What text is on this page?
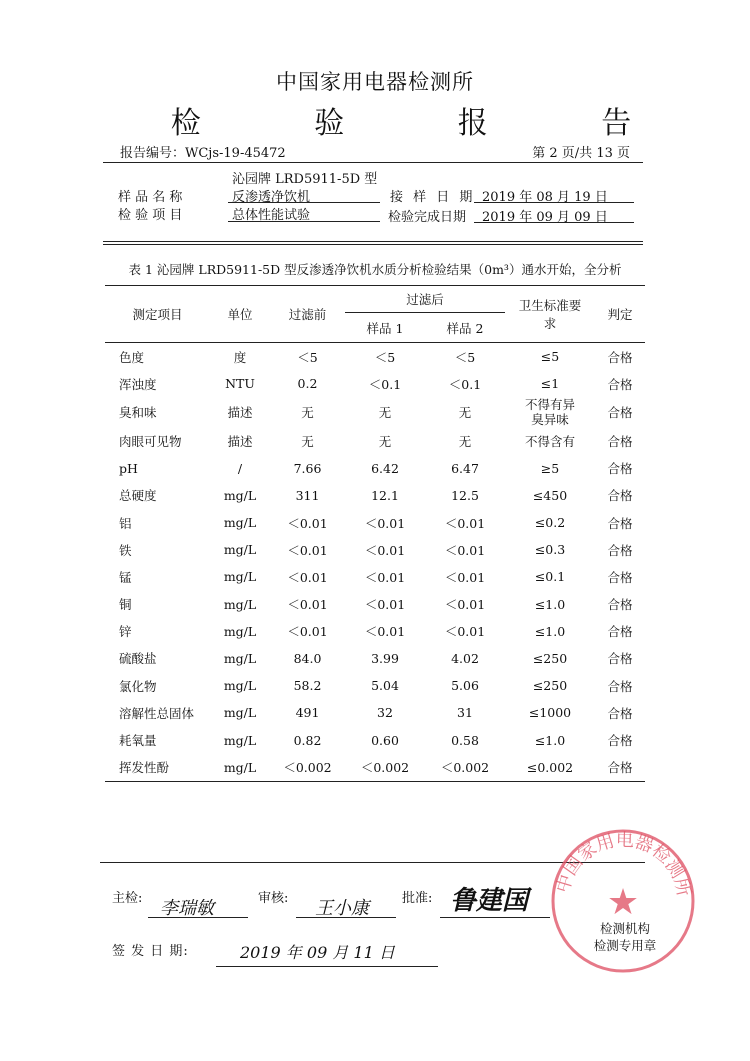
中国家用电器检测所
检 验 报 告
报告编号：WCjs-19-45472	第 2 页/共 13 页
沁园牌 LRD5911-5D 型
样 品 名 称	反渗透净饮机	接 样 日 期 2019 年 08 月 19 日
检 验 项 目	总体性能试验	检验完成日期 2019 年 09 月 09 日
表 1 沁园牌 LRD5911-5D 型反渗透净饮机水质分析检验结果（0m³）通水开始，全分析
测定项目	单位	过滤前	过滤后		卫生标准要求	判定
			样品 1	样品 2		
色度	度	＜5	＜5	＜5	≤5	合格
浑浊度	NTU	0.2	＜0.1	＜0.1	≤1	合格
臭和味	描述	无	无	无	不得有异臭异味	合格
肉眼可见物	描述	无	无	无	不得含有	合格
pH	/	7.66	6.42	6.47	≥5	合格
总硬度	mg/L	311	12.1	12.5	≤450	合格
铝	mg/L	＜0.01	＜0.01	＜0.01	≤0.2	合格
铁	mg/L	＜0.01	＜0.01	＜0.01	≤0.3	合格
锰	mg/L	＜0.01	＜0.01	＜0.01	≤0.1	合格
铜	mg/L	＜0.01	＜0.01	＜0.01	≤1.0	合格
锌	mg/L	＜0.01	＜0.01	＜0.01	≤1.0	合格
硫酸盐	mg/L	84.0	3.99	4.02	≤250	合格
氯化物	mg/L	58.2	5.04	5.06	≤250	合格
溶解性总固体	mg/L	491	32	31	≤1000	合格
耗氧量	mg/L	0.82	0.60	0.58	≤1.0	合格
挥发性酚	mg/L	＜0.002	＜0.002	＜0.002	≤0.002	合格
主检: 李瑞敏	审核: 王小康	批准: 鲁建国
签 发 日 期:	2019 年 09 月 11 日
中国家用电器检测所
★
检测机构
检测专用章
